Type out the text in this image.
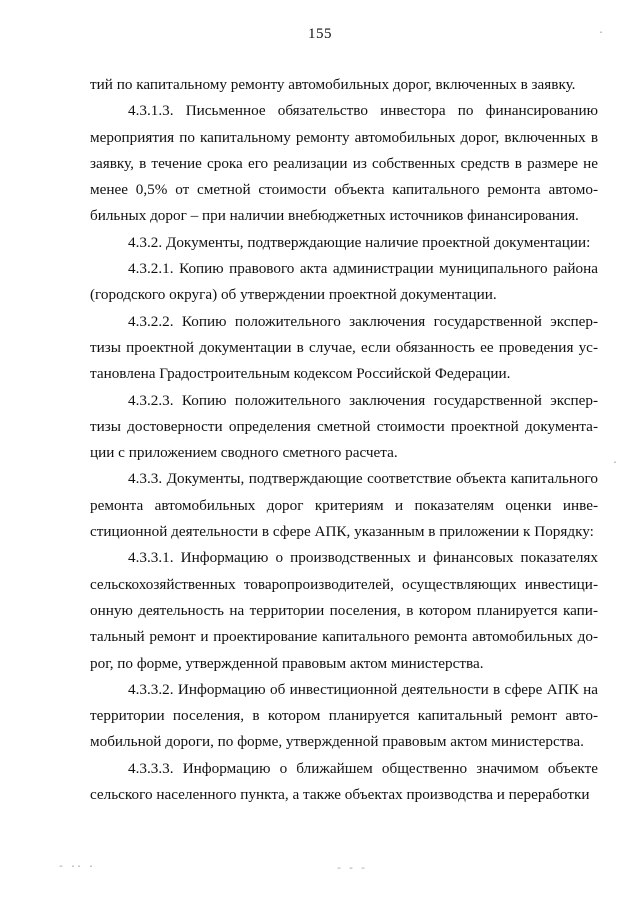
155

тий по капитальному ремонту автомобильных дорог, включенных в заявку.

4.3.1.3. Письменное обязательство инвестора по финансированию мероприятия по капитальному ремонту автомобильных дорог, включенных в заявку, в течение срока его реализации из собственных средств в размере не менее 0,5% от сметной стоимости объекта капитального ремонта автомобильных дорог – при наличии внебюджетных источников финансирования.

4.3.2. Документы, подтверждающие наличие проектной документации:

4.3.2.1. Копию правового акта администрации муниципального района (городского округа) об утверждении проектной документации.

4.3.2.2. Копию положительного заключения государственной экспертизы проектной документации в случае, если обязанность ее проведения установлена Градостроительным кодексом Российской Федерации.

4.3.2.3. Копию положительного заключения государственной экспертизы достоверности определения сметной стоимости проектной документации с приложением сводного сметного расчета.

4.3.3. Документы, подтверждающие соответствие объекта капитального ремонта автомобильных дорог критериям и показателям оценки инвестиционной деятельности в сфере АПК, указанным в приложении к Порядку:

4.3.3.1. Информацию о производственных и финансовых показателях сельскохозяйственных товаропроизводителей, осуществляющих инвестиционную деятельность на территории поселения, в котором планируется капитальный ремонт и проектирование капитального ремонта автомобильных дорог, по форме, утвержденной правовым актом министерства.

4.3.3.2. Информацию об инвестиционной деятельности в сфере АПК на территории поселения, в котором планируется капитальный ремонт автомобильной дороги, по форме, утвержденной правовым актом министерства.

4.3.3.3. Информацию о ближайшем общественно значимом объекте сельского населенного пункта, а также объектах производства и переработки

·
·
- ·· ·	- - -
